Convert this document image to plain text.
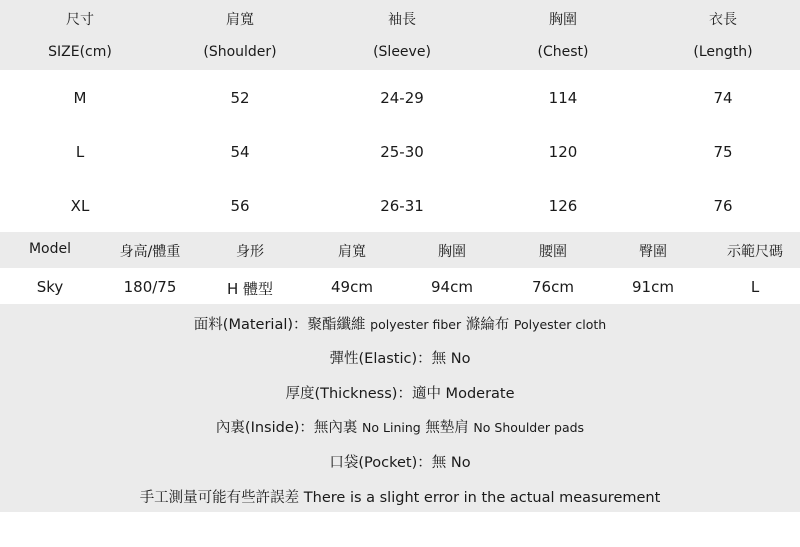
尺寸	肩寬	袖長	胸圍	衣長
SIZE(cm)	(Shoulder)	(Sleeve)	(Chest)	(Length)
M	52	24-29	114	74
L	54	25-30	120	75
XL	56	26-31	126	76
Model	身高/體重	身形	肩寬	胸圍	腰圍	臀圍	示範尺碼
Sky	180/75	H 體型	49cm	94cm	76cm	91cm	L
面料(Material)：聚酯纖維 polyester fiber 滌綸布 Polyester cloth
彈性(Elastic)：無 No
厚度(Thickness)：適中 Moderate
內裏(Inside)：無內裏 No Lining 無墊肩 No Shoulder pads
口袋(Pocket)：無 No
手工測量可能有些許誤差 There is a slight error in the actual measurement
